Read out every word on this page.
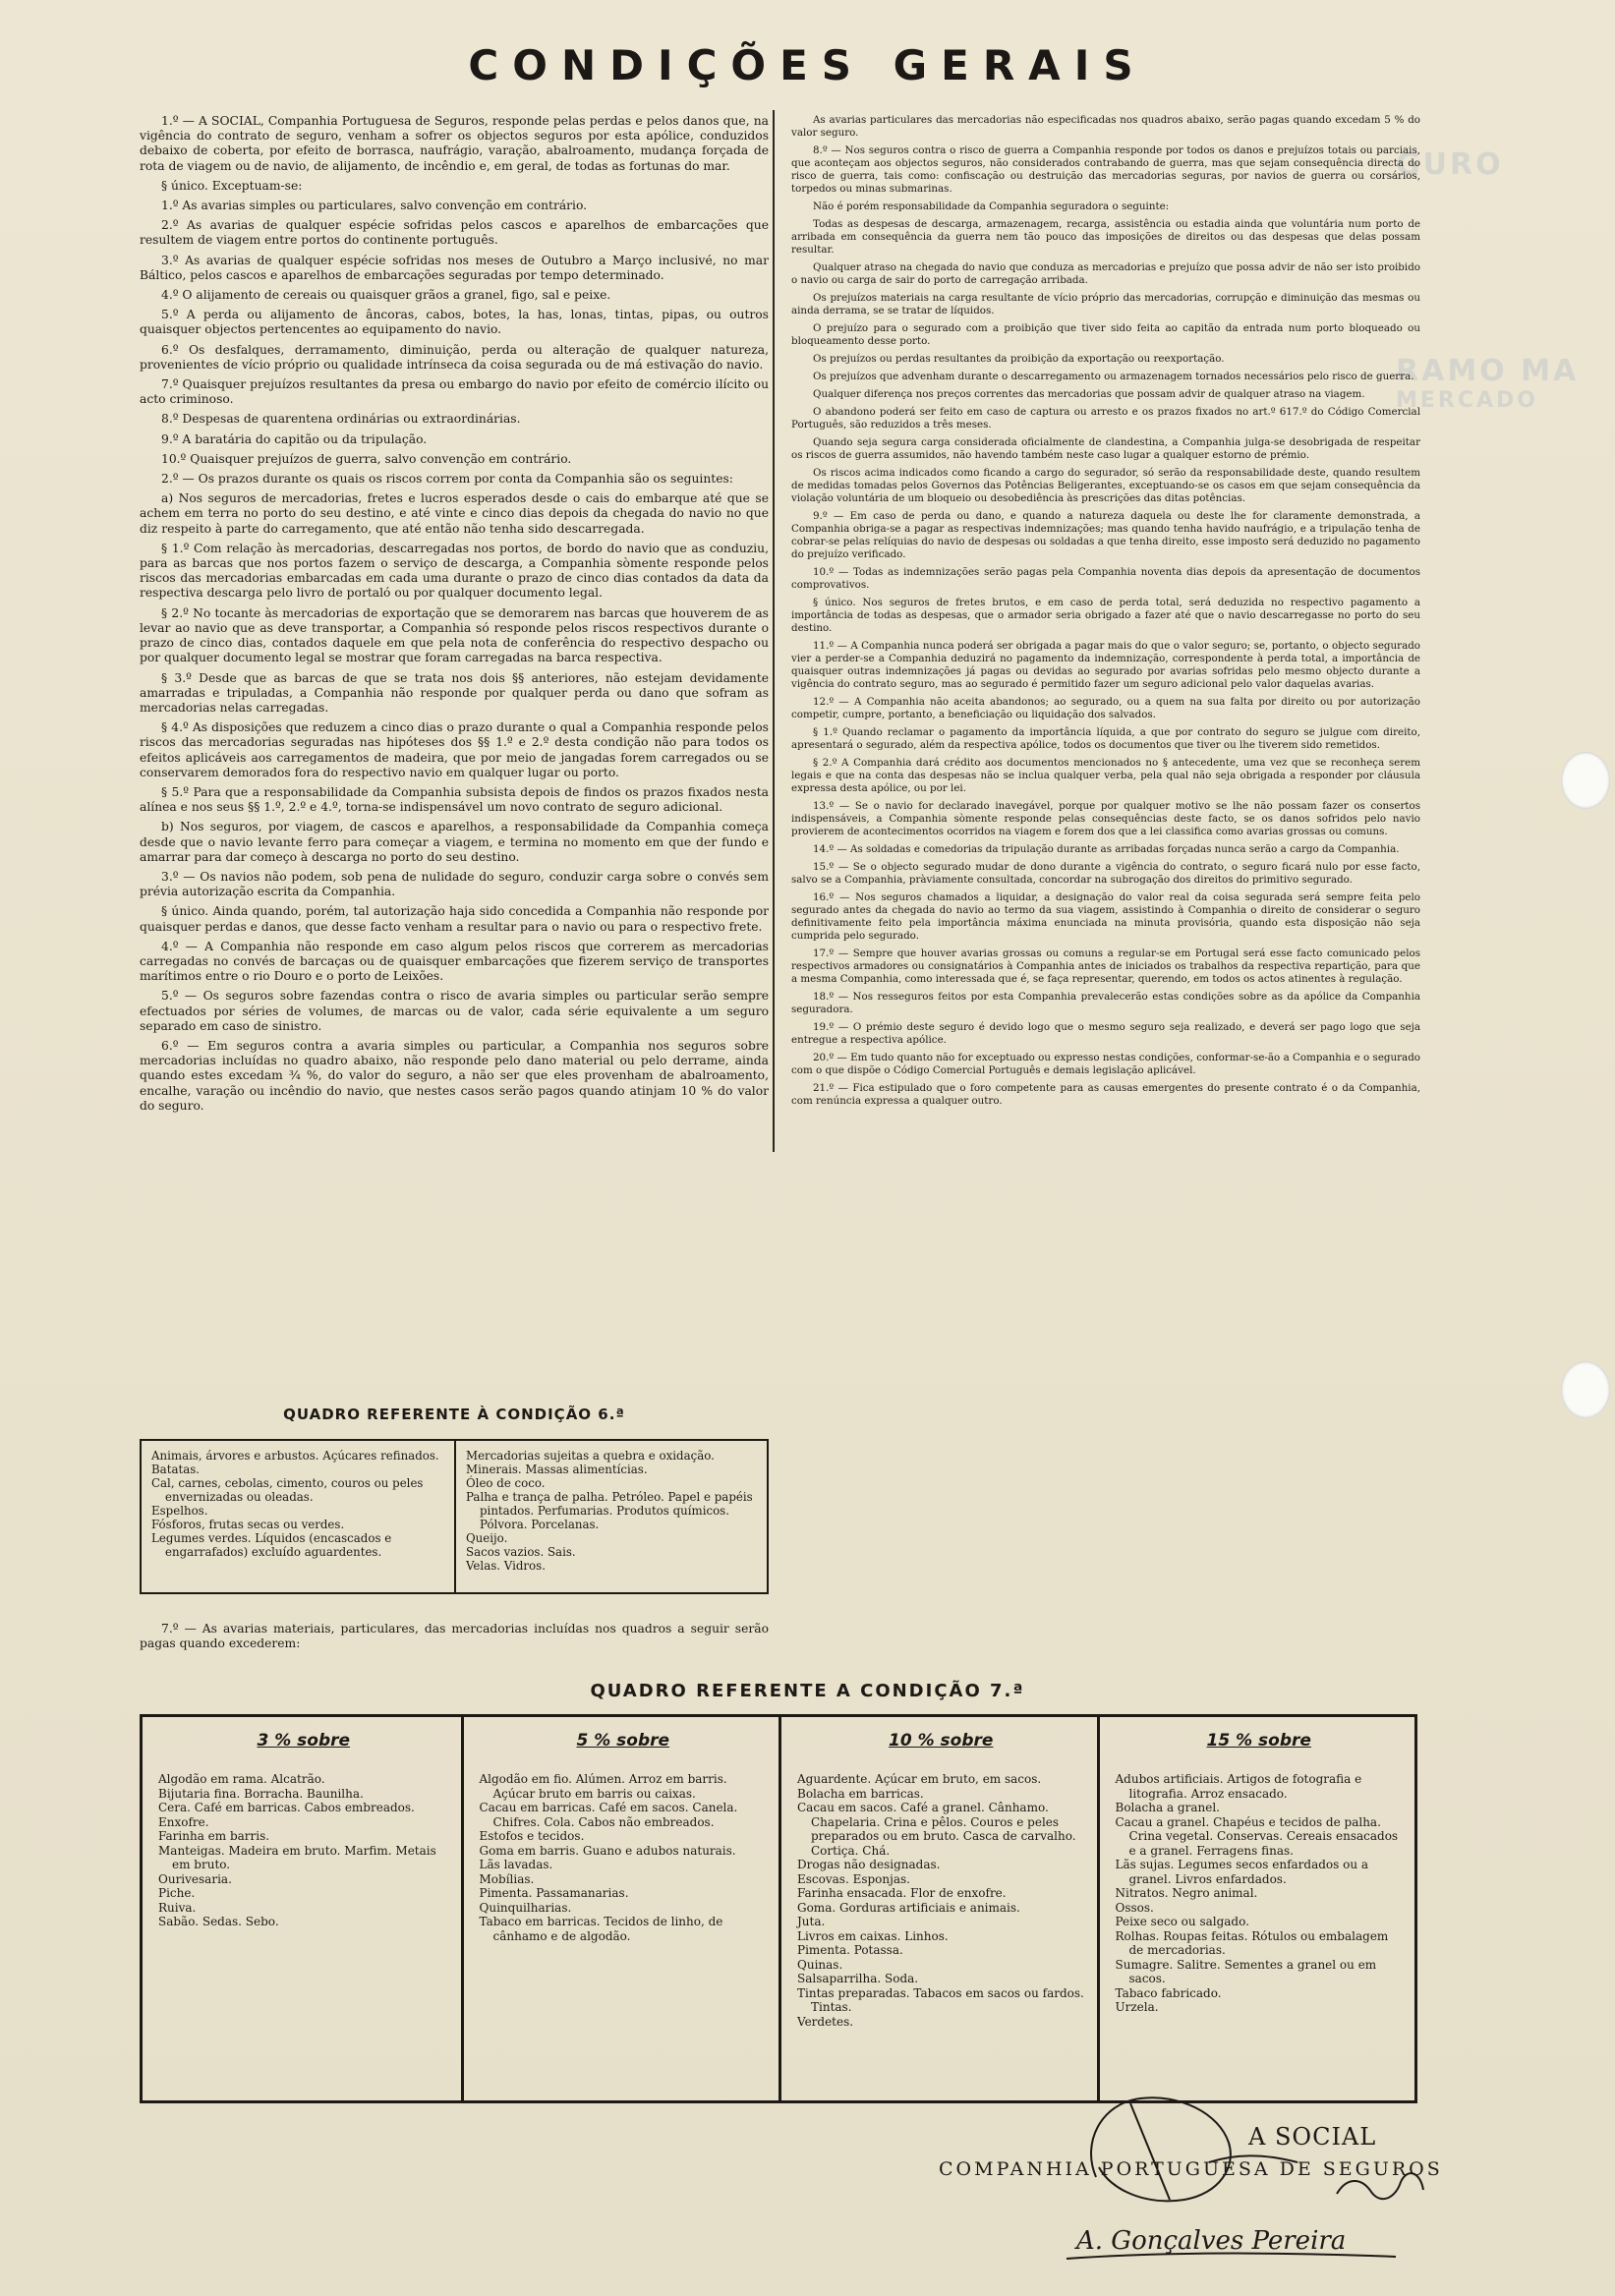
GURO
RAMO MA
MERCADO
CONDIÇÕES GERAIS

1.º — A SOCIAL, Companhia Portuguesa de Seguros, responde pelas perdas e pelos danos que, na vigência do contrato de seguro, venham a sofrer os objectos seguros por esta apólice, conduzidos debaixo de coberta, por efeito de borrasca, naufrágio, varação, abalroamento, mudança forçada de rota de viagem ou de navio, de alijamento, de incêndio e, em geral, de todas as fortunas do mar.

§ único. Exceptuam-se:

1.º As avarias simples ou particulares, salvo convenção em contrário.

2.º As avarias de qualquer espécie sofridas pelos cascos e aparelhos de embarcações que resultem de viagem entre portos do continente português.

3.º As avarias de qualquer espécie sofridas nos meses de Outubro a Março inclusivé, no mar Báltico, pelos cascos e aparelhos de embarcações seguradas por tempo determinado.

4.º O alijamento de cereais ou quaisquer grãos a granel, figo, sal e peixe.

5.º A perda ou alijamento de âncoras, cabos, botes, la has, lonas, tintas, pipas, ou outros quaisquer objectos pertencentes ao equipamento do navio.

6.º Os desfalques, derramamento, diminuição, perda ou alteração de qualquer natureza, provenientes de vício próprio ou qualidade intrínseca da coisa segurada ou de má estivação do navio.

7.º Quaisquer prejuízos resultantes da presa ou embargo do navio por efeito de comércio ilícito ou acto criminoso.

8.º Despesas de quarentena ordinárias ou extraordinárias.

9.º A baratária do capitão ou da tripulação.

10.º Quaisquer prejuízos de guerra, salvo convenção em contrário.

2.º — Os prazos durante os quais os riscos correm por conta da Companhia são os seguintes:

a) Nos seguros de mercadorias, fretes e lucros esperados desde o cais do embarque até que se achem em terra no porto do seu destino, e até vinte e cinco dias depois da chegada do navio no que diz respeito à parte do carregamento, que até então não tenha sido descarregada.

§ 1.º Com relação às mercadorias, descarregadas nos portos, de bordo do navio que as conduziu, para as barcas que nos portos fazem o serviço de descarga, a Companhia sòmente responde pelos riscos das mercadorias embarcadas em cada uma durante o prazo de cinco dias contados da data da respectiva descarga pelo livro de portaló ou por qualquer documento legal.

§ 2.º No tocante às mercadorias de exportação que se demorarem nas barcas que houverem de as levar ao navio que as deve transportar, a Companhia só responde pelos riscos respectivos durante o prazo de cinco dias, contados daquele em que pela nota de conferência do respectivo despacho ou por qualquer documento legal se mostrar que foram carregadas na barca respectiva.

§ 3.º Desde que as barcas de que se trata nos dois §§ anteriores, não estejam devidamente amarradas e tripuladas, a Companhia não responde por qualquer perda ou dano que sofram as mercadorias nelas carregadas.

§ 4.º As disposições que reduzem a cinco dias o prazo durante o qual a Companhia responde pelos riscos das mercadorias seguradas nas hipóteses dos §§ 1.º e 2.º desta condição não para todos os efeitos aplicáveis aos carregamentos de madeira, que por meio de jangadas forem carregados ou se conservarem demorados fora do respectivo navio em qualquer lugar ou porto.

§ 5.º Para que a responsabilidade da Companhia subsista depois de findos os prazos fixados nesta alínea e nos seus §§ 1.º, 2.º e 4.º, torna-se indispensável um novo contrato de seguro adicional.

b) Nos seguros, por viagem, de cascos e aparelhos, a responsabilidade da Companhia começa desde que o navio levante ferro para começar a viagem, e termina no momento em que der fundo e amarrar para dar começo à descarga no porto do seu destino.

3.º — Os navios não podem, sob pena de nulidade do seguro, conduzir carga sobre o convés sem prévia autorização escrita da Companhia.

§ único. Ainda quando, porém, tal autorização haja sido concedida a Companhia não responde por quaisquer perdas e danos, que desse facto venham a resultar para o navio ou para o respectivo frete.

4.º — A Companhia não responde em caso algum pelos riscos que correrem as mercadorias carregadas no convés de barcaças ou de quaisquer embarcações que fizerem serviço de transportes marítimos entre o rio Douro e o porto de Leixões.

5.º — Os seguros sobre fazendas contra o risco de avaria simples ou particular serão sempre efectuados por séries de volumes, de marcas ou de valor, cada série equivalente a um seguro separado em caso de sinistro.

6.º — Em seguros contra a avaria simples ou particular, a Companhia nos seguros sobre mercadorias incluídas no quadro abaixo, não responde pelo dano material ou pelo derrame, ainda quando estes excedam ¾ %, do valor do seguro, a não ser que eles provenham de abalroamento, encalhe, varação ou incêndio do navio, que nestes casos serão pagos quando atinjam 10 % do valor do seguro.

As avarias particulares das mercadorias não especificadas nos quadros abaixo, serão pagas quando excedam 5 % do valor seguro.

8.º — Nos seguros contra o risco de guerra a Companhia responde por todos os danos e prejuízos totais ou parciais, que aconteçam aos objectos seguros, não considerados contrabando de guerra, mas que sejam consequência directa do risco de guerra, tais como: confiscação ou destruição das mercadorias seguras, por navios de guerra ou corsários, torpedos ou minas submarinas.

Não é porém responsabilidade da Companhia seguradora o seguinte:

Todas as despesas de descarga, armazenagem, recarga, assistência ou estadia ainda que voluntária num porto de arribada em consequência da guerra nem tão pouco das imposições de direitos ou das despesas que delas possam resultar.

Qualquer atraso na chegada do navio que conduza as mercadorias e prejuízo que possa advir de não ser isto proibido o navio ou carga de sair do porto de carregação arribada.

Os prejuízos materiais na carga resultante de vício próprio das mercadorias, corrupção e diminuição das mesmas ou ainda derrama, se se tratar de líquidos.

O prejuízo para o segurado com a proibição que tiver sido feita ao capitão da entrada num porto bloqueado ou bloqueamento desse porto.

Os prejuízos ou perdas resultantes da proibição da exportação ou reexportação.

Os prejuízos que advenham durante o descarregamento ou armazenagem tornados necessários pelo risco de guerra.

Qualquer diferença nos preços correntes das mercadorias que possam advir de qualquer atraso na viagem.

O abandono poderá ser feito em caso de captura ou arresto e os prazos fixados no art.º 617.º do Código Comercial Português, são reduzidos a três meses.

Quando seja segura carga considerada oficialmente de clandestina, a Companhia julga-se desobrigada de respeitar os riscos de guerra assumidos, não havendo também neste caso lugar a qualquer estorno de prémio.

Os riscos acima indicados como ficando a cargo do segurador, só serão da responsabilidade deste, quando resultem de medidas tomadas pelos Governos das Potências Beligerantes, exceptuando-se os casos em que sejam consequência da violação voluntária de um bloqueio ou desobediência às prescrições das ditas potências.

9.º — Em caso de perda ou dano, e quando a natureza daquela ou deste lhe for claramente demonstrada, a Companhia obriga-se a pagar as respectivas indemnizações; mas quando tenha havido naufrágio, e a tripulação tenha de cobrar-se pelas relíquias do navio de despesas ou soldadas a que tenha direito, esse imposto será deduzido no pagamento do prejuízo verificado.

10.º — Todas as indemnizações serão pagas pela Companhia noventa dias depois da apresentação de documentos comprovativos.

§ único. Nos seguros de fretes brutos, e em caso de perda total, será deduzida no respectivo pagamento a importância de todas as despesas, que o armador seria obrigado a fazer até que o navio descarregasse no porto do seu destino.

11.º — A Companhia nunca poderá ser obrigada a pagar mais do que o valor seguro; se, portanto, o objecto segurado vier a perder-se a Companhia deduzirá no pagamento da indemnização, correspondente à perda total, a importância de quaisquer outras indemnizações já pagas ou devidas ao segurado por avarias sofridas pelo mesmo objecto durante a vigência do contrato seguro, mas ao segurado é permitido fazer um seguro adicional pelo valor daquelas avarias.

12.º — A Companhia não aceita abandonos; ao segurado, ou a quem na sua falta por direito ou por autorização competir, cumpre, portanto, a beneficiação ou liquidação dos salvados.

§ 1.º Quando reclamar o pagamento da importância líquida, a que por contrato do seguro se julgue com direito, apresentará o segurado, além da respectiva apólice, todos os documentos que tiver ou lhe tiverem sido remetidos.

§ 2.º A Companhia dará crédito aos documentos mencionados no § antecedente, uma vez que se reconheça serem legais e que na conta das despesas não se inclua qualquer verba, pela qual não seja obrigada a responder por cláusula expressa desta apólice, ou por lei.

13.º — Se o navio for declarado inavegável, porque por qualquer motivo se lhe não possam fazer os consertos indispensáveis, a Companhia sòmente responde pelas consequências deste facto, se os danos sofridos pelo navio provierem de acontecimentos ocorridos na viagem e forem dos que a lei classifica como avarias grossas ou comuns.

14.º — As soldadas e comedorias da tripulação durante as arribadas forçadas nunca serão a cargo da Companhia.

15.º — Se o objecto segurado mudar de dono durante a vigência do contrato, o seguro ficará nulo por esse facto, salvo se a Companhia, pràviamente consultada, concordar na subrogação dos direitos do primitivo segurado.

16.º — Nos seguros chamados a liquidar, a designação do valor real da coisa segurada será sempre feita pelo segurado antes da chegada do navio ao termo da sua viagem, assistindo à Companhia o direito de considerar o seguro definitivamente feito pela importância máxima enunciada na minuta provisória, quando esta disposição não seja cumprida pelo segurado.

17.º — Sempre que houver avarias grossas ou comuns a regular-se em Portugal será esse facto comunicado pelos respectivos armadores ou consignatários à Companhia antes de iniciados os trabalhos da respectiva repartição, para que a mesma Companhia, como interessada que é, se faça representar, querendo, em todos os actos atinentes à regulação.

18.º — Nos resseguros feitos por esta Companhia prevalecerão estas condições sobre as da apólice da Companhia seguradora.

19.º — O prémio deste seguro é devido logo que o mesmo seguro seja realizado, e deverá ser pago logo que seja entregue a respectiva apólice.

20.º — Em tudo quanto não for exceptuado ou expresso nestas condições, conformar-se-ão a Companhia e o segurado com o que dispõe o Código Comercial Português e demais legislação aplicável.

21.º — Fica estipulado que o foro competente para as causas emergentes do presente contrato é o da Companhia, com renúncia expressa a qualquer outro.

QUADRO REFERENTE À CONDIÇÃO 6.ª
Animais, árvores e arbustos. Açúcares refinados.
Batatas.
Cal, carnes, cebolas, cimento, couros ou peles envernizadas ou oleadas.
Espelhos.
Fósforos, frutas secas ou verdes.
Legumes verdes. Líquidos (encascados e engarrafados) excluído aguardentes.
Mercadorias sujeitas a quebra e oxidação.
Minerais. Massas alimentícias.
Óleo de coco.
Palha e trança de palha. Petróleo. Papel e papéis pintados. Perfumarias. Produtos químicos. Pólvora. Porcelanas.
Queijo.
Sacos vazios. Sais.
Velas. Vidros.

7.º — As avarias materiais, particulares, das mercadorias incluídas nos quadros a seguir serão pagas quando excederem:

QUADRO REFERENTE A CONDIÇÃO 7.ª
3 % sobre
Algodão em rama. Alcatrão.
Bijutaria fina. Borracha. Baunilha.
Cera. Café em barricas. Cabos embreados.
Enxofre.
Farinha em barris.
Manteigas. Madeira em bruto. Marfim. Metais em bruto.
Ourivesaria.
Piche.
Ruiva.
Sabão. Sedas. Sebo.
5 % sobre
Algodão em fio. Alúmen. Arroz em barris. Açúcar bruto em barris ou caixas.
Cacau em barricas. Café em sacos. Canela. Chifres. Cola. Cabos não embreados.
Estofos e tecidos.
Goma em barris. Guano e adubos naturais.
Lãs lavadas.
Mobílias.
Pimenta. Passamanarias.
Quinquilharias.
Tabaco em barricas. Tecidos de linho, de cânhamo e de algodão.
10 % sobre
Aguardente. Açúcar em bruto, em sacos.
Bolacha em barricas.
Cacau em sacos. Café a granel. Cânhamo. Chapelaria. Crina e pêlos. Couros e peles preparados ou em bruto. Casca de carvalho. Cortiça. Chá.
Drogas não designadas.
Escovas. Esponjas.
Farinha ensacada. Flor de enxofre.
Goma. Gorduras artificiais e animais.
Juta.
Livros em caixas. Linhos.
Pimenta. Potassa.
Quinas.
Salsaparrilha. Soda.
Tintas preparadas. Tabacos em sacos ou fardos. Tintas.
Verdetes.
15 % sobre
Adubos artificiais. Artigos de fotografia e litografia. Arroz ensacado.
Bolacha a granel.
Cacau a granel. Chapéus e tecidos de palha. Crina vegetal. Conservas. Cereais ensacados e a granel. Ferragens finas.
Lãs sujas. Legumes secos enfardados ou a granel. Livros enfardados.
Nitratos. Negro animal.
Ossos.
Peixe seco ou salgado.
Rolhas. Roupas feitas. Rótulos ou embalagem de mercadorias.
Sumagre. Salitre. Sementes a granel ou em sacos.
Tabaco fabricado.
Urzela.
A. Gonçalves Pereira
A SOCIAL
COMPANHIA PORTUGUESA DE SEGUROS
